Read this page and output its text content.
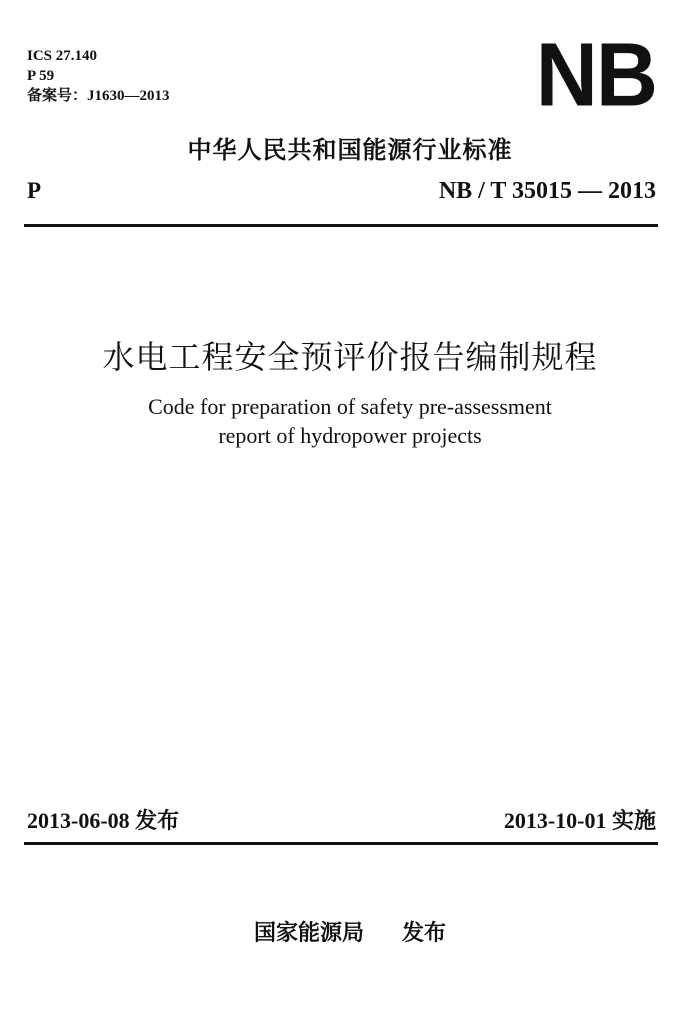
ICS 27.140
P 59
备案号：J1630—2013	NB
中华人民共和国能源行业标准
P	NB / T 35015 — 2013
水电工程安全预评价报告编制规程
Code for preparation of safety pre-assessment
report of hydropower projects
2013-06-08 发布	2013-10-01 实施
国家能源局 发布
